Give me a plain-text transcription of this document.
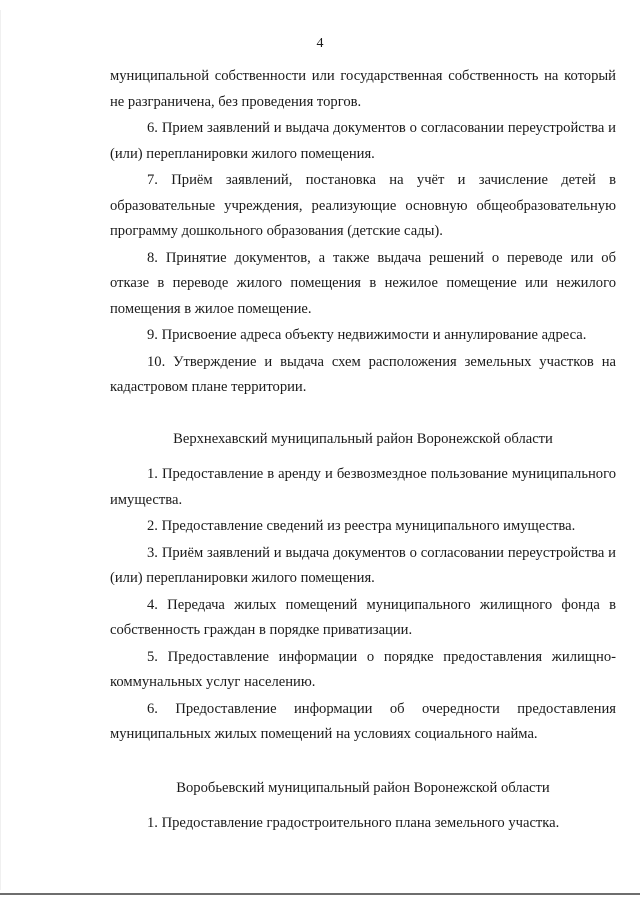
4

муниципальной собственности или государственная собственность на который не разграничена, без проведения торгов.

6. Прием заявлений и выдача документов о согласовании переустройства и (или) перепланировки жилого помещения.

7. Приём заявлений, постановка на учёт и зачисление детей в образовательные учреждения, реализующие основную общеобразовательную программу дошкольного образования (детские сады).

8. Принятие документов, а также выдача решений о переводе или об отказе в переводе жилого помещения в нежилое помещение или нежилого помещения в жилое помещение.

9. Присвоение адреса объекту недвижимости и аннулирование адреса.

10. Утверждение и выдача схем расположения земельных участков на кадастровом плане территории.

Верхнехавский муниципальный район Воронежской области

1. Предоставление в аренду и безвозмездное пользование муниципального имущества.

2. Предоставление сведений из реестра муниципального имущества.

3. Приём заявлений и выдача документов о согласовании переустройства и (или) перепланировки жилого помещения.

4. Передача жилых помещений муниципального жилищного фонда в собственность граждан в порядке приватизации.

5. Предоставление информации о порядке предоставления жилищно-коммунальных услуг населению.

6. Предоставление информации об очередности предоставления муниципальных жилых помещений на условиях социального найма.

Воробьевский муниципальный район Воронежской области

1. Предоставление градостроительного плана земельного участка.
